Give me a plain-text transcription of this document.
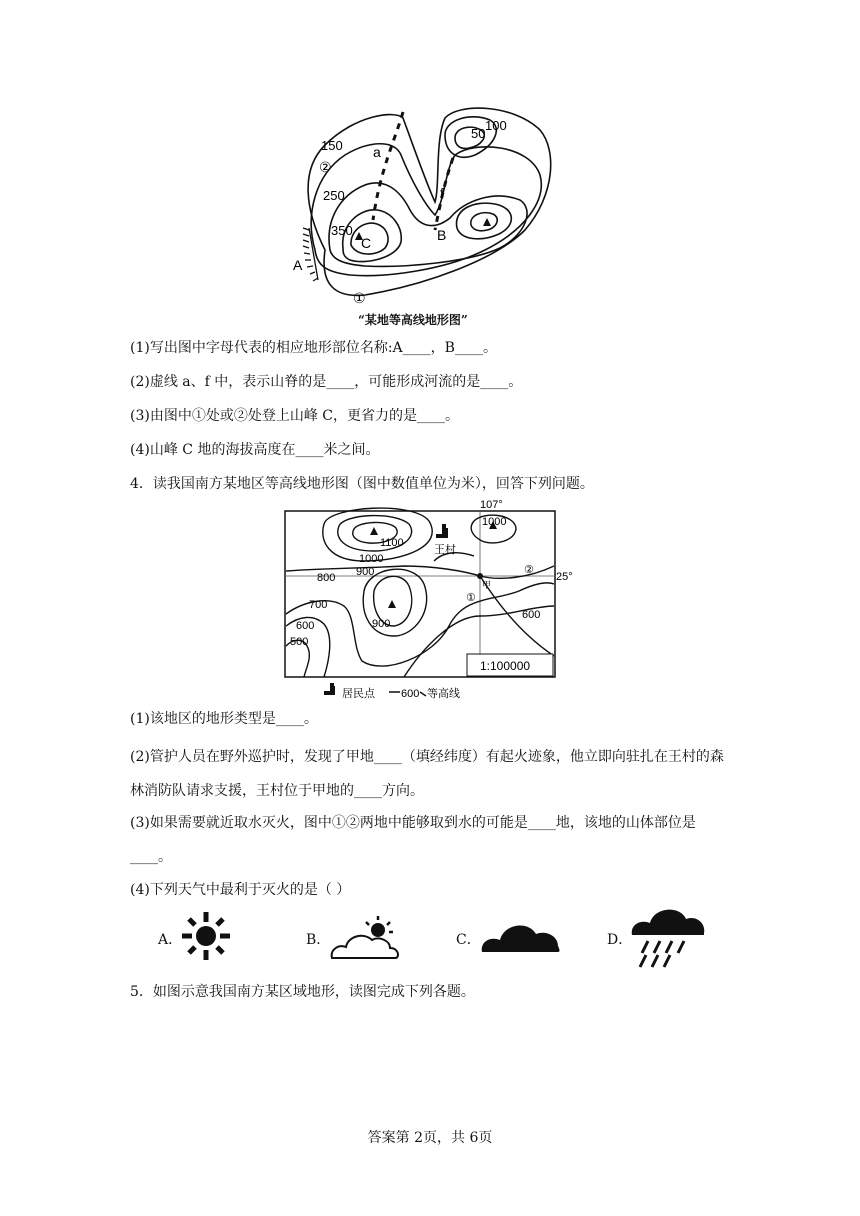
150
②
250
350
C
50
100
a
f
A
B
①
“某地等高线地形图”
(1)写出图中字母代表的相应地形部位名称:A____，B____。
(2)虚线 a、f 中，表示山脊的是____，可能形成河流的是____。
(3)由图中①处或②处登上山峰 C，更省力的是____。
(4)山峰 C 地的海拔高度在____米之间。
4．读我国南方某地区等高线地形图（图中数值单位为米），回答下列问题。
107°
25°
1100
1000
1000
900
900
800
700
600
600
500
王村
甲
①
②
1:100000
居民点 600 等高线
(1)该地区的地形类型是____。
(2)管护人员在野外巡护时，发现了甲地____（填经纬度）有起火迹象，他立即向驻扎在王村的森林消防队请求支援，王村位于甲地的____方向。
(3)如果需要就近取水灭火，图中①②两地中能够取到水的可能是____地，该地的山体部位是____。
(4)下列天气中最利于灭火的是（ ）
A．	B．	C．	D．
5．如图示意我国南方某区域地形，读图完成下列各题。
答案第 2页，共 6页
